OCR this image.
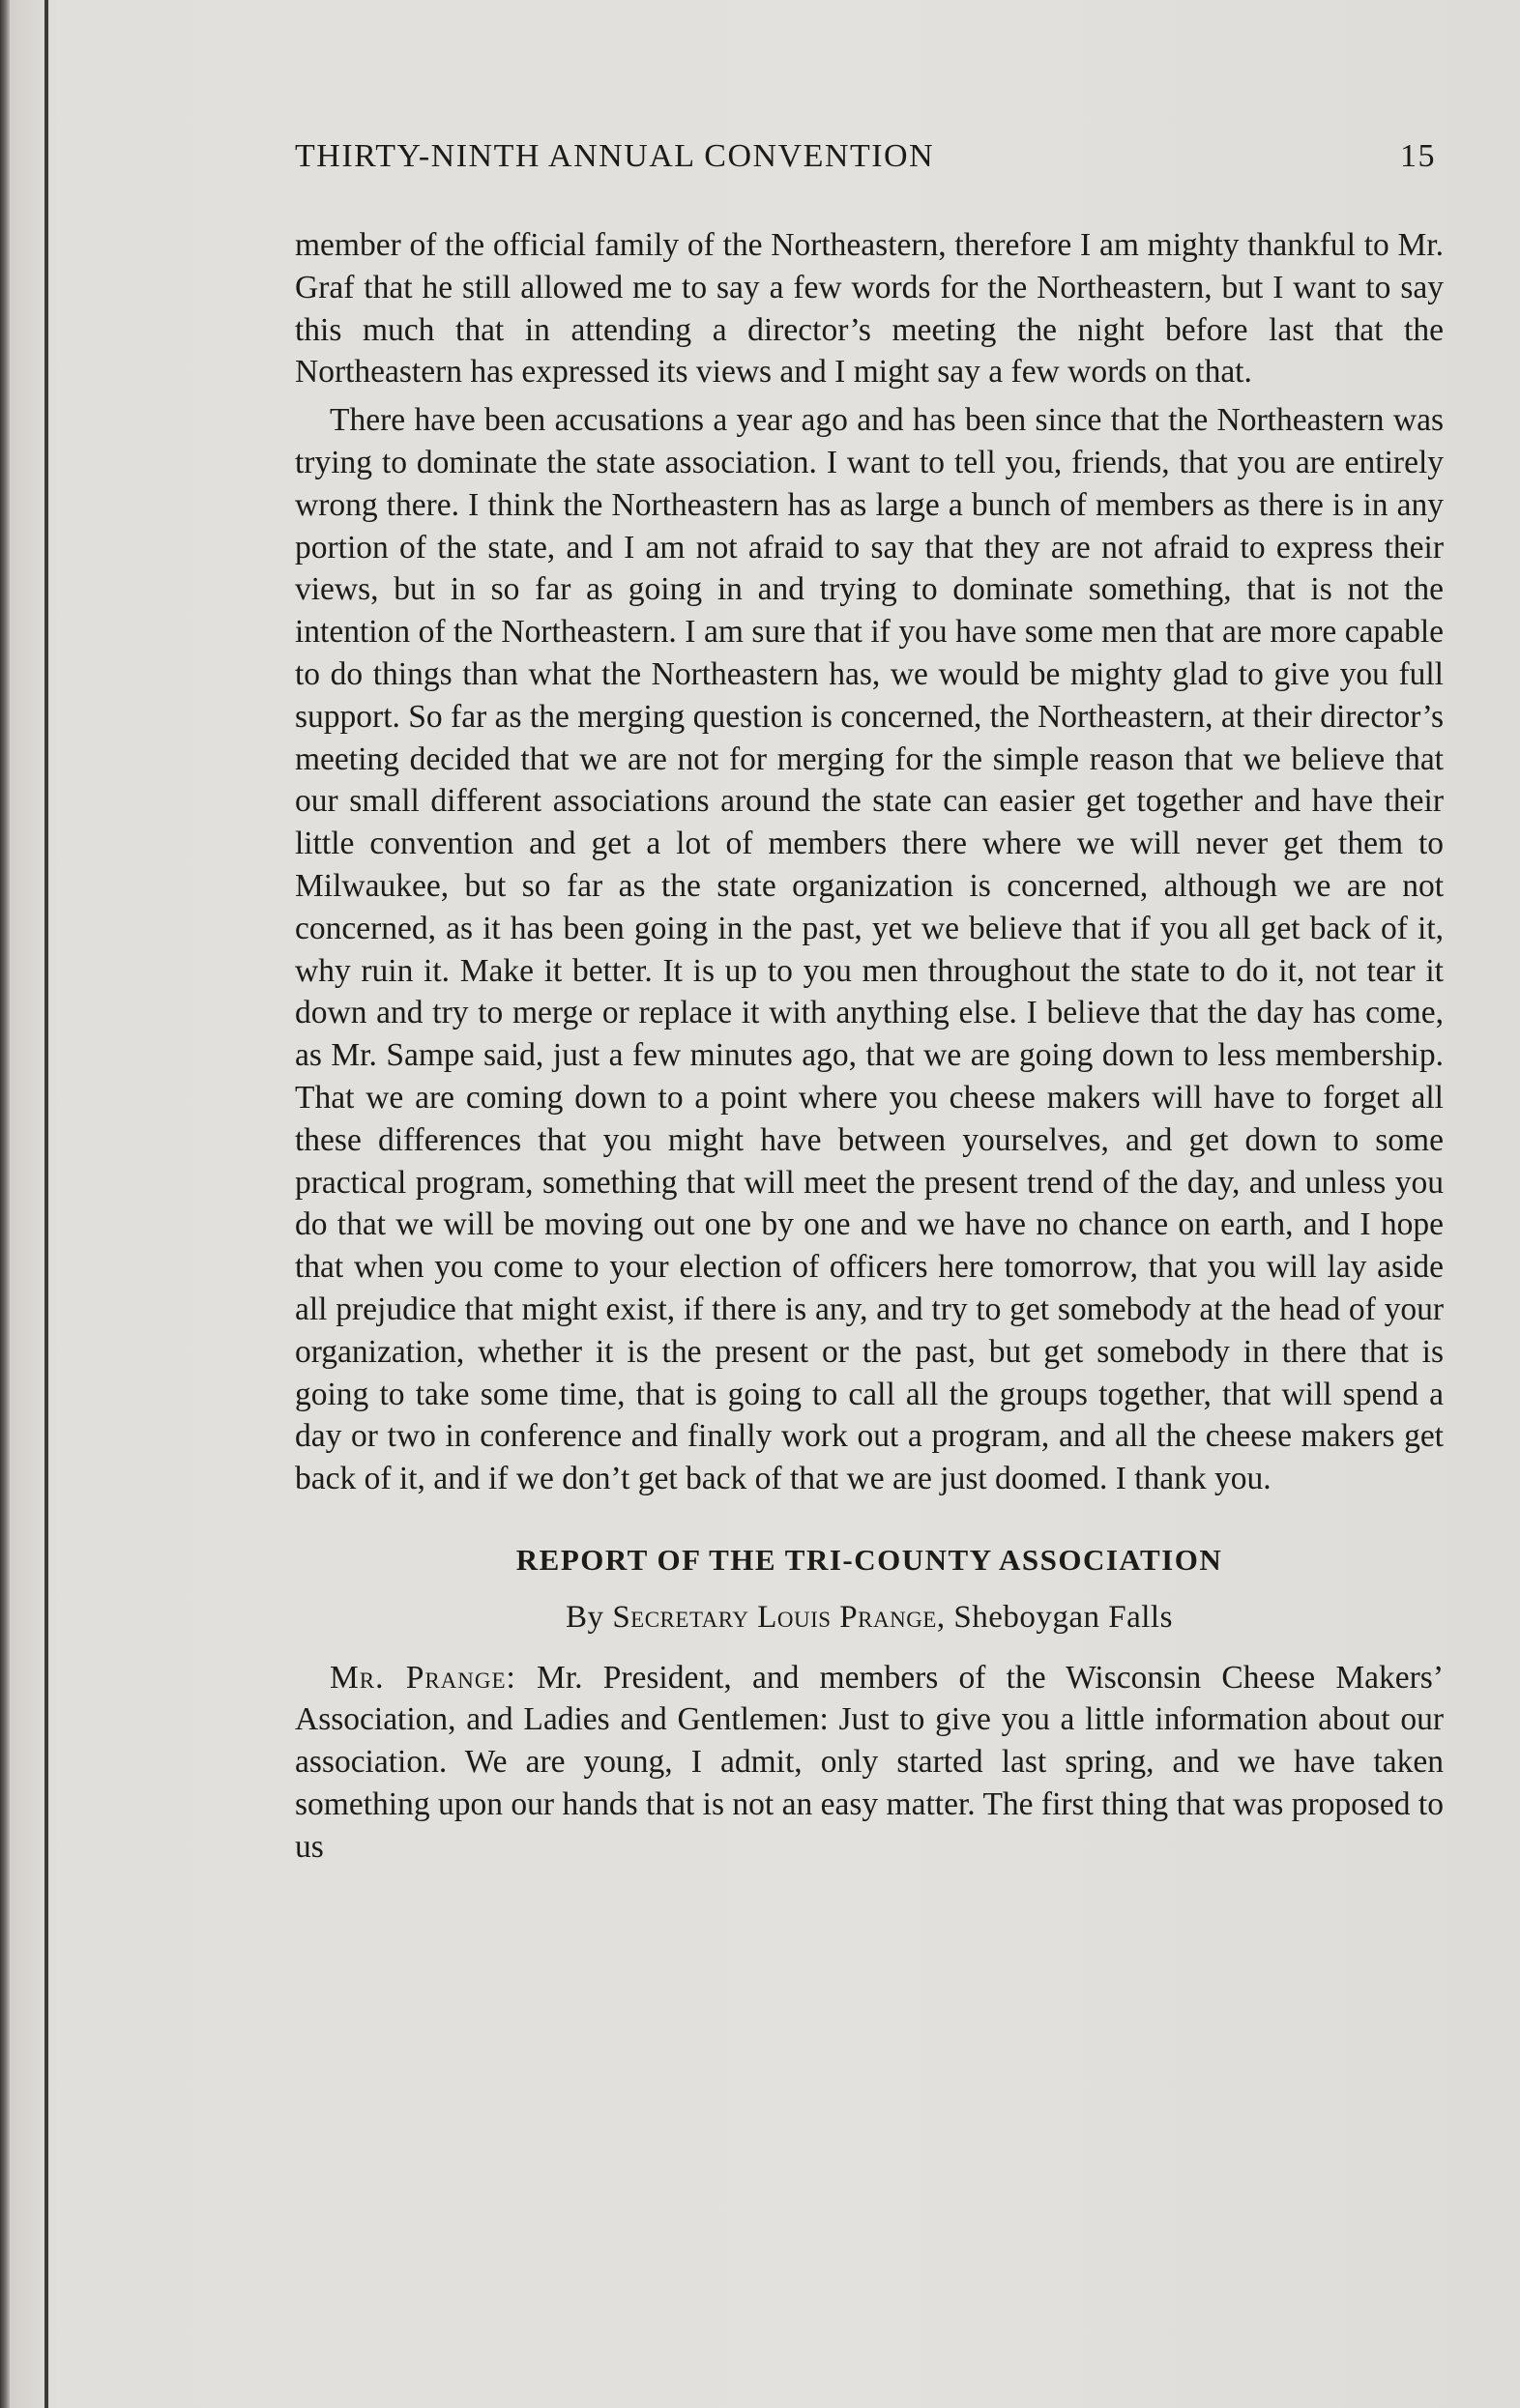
THIRTY-NINTH ANNUAL CONVENTION	15

member of the official family of the Northeastern, therefore I am mighty thankful to Mr. Graf that he still allowed me to say a few words for the Northeastern, but I want to say this much that in attending a director’s meeting the night before last that the Northeastern has expressed its views and I might say a few words on that.

There have been accusations a year ago and has been since that the Northeastern was trying to dominate the state association. I want to tell you, friends, that you are entirely wrong there. I think the Northeastern has as large a bunch of members as there is in any portion of the state, and I am not afraid to say that they are not afraid to express their views, but in so far as going in and trying to dominate something, that is not the intention of the Northeastern. I am sure that if you have some men that are more capable to do things than what the Northeastern has, we would be mighty glad to give you full support. So far as the merging question is concerned, the Northeastern, at their director’s meeting decided that we are not for merging for the simple reason that we believe that our small different associations around the state can easier get together and have their little convention and get a lot of members there where we will never get them to Milwaukee, but so far as the state organization is concerned, although we are not concerned, as it has been going in the past, yet we believe that if you all get back of it, why ruin it. Make it better. It is up to you men throughout the state to do it, not tear it down and try to merge or replace it with anything else. I believe that the day has come, as Mr. Sampe said, just a few minutes ago, that we are going down to less membership. That we are coming down to a point where you cheese makers will have to forget all these differences that you might have between yourselves, and get down to some practical program, something that will meet the present trend of the day, and unless you do that we will be moving out one by one and we have no chance on earth, and I hope that when you come to your election of officers here tomorrow, that you will lay aside all prejudice that might exist, if there is any, and try to get somebody at the head of your organization, whether it is the present or the past, but get somebody in there that is going to take some time, that is going to call all the groups together, that will spend a day or two in conference and finally work out a program, and all the cheese makers get back of it, and if we don’t get back of that we are just doomed. I thank you.

REPORT OF THE TRI-COUNTY ASSOCIATION
By Secretary Louis Prange, Sheboygan Falls

Mr. Prange: Mr. President, and members of the Wisconsin Cheese Makers’ Association, and Ladies and Gentlemen: Just to give you a little information about our association. We are young, I admit, only started last spring, and we have taken something upon our hands that is not an easy matter. The first thing that was proposed to us
